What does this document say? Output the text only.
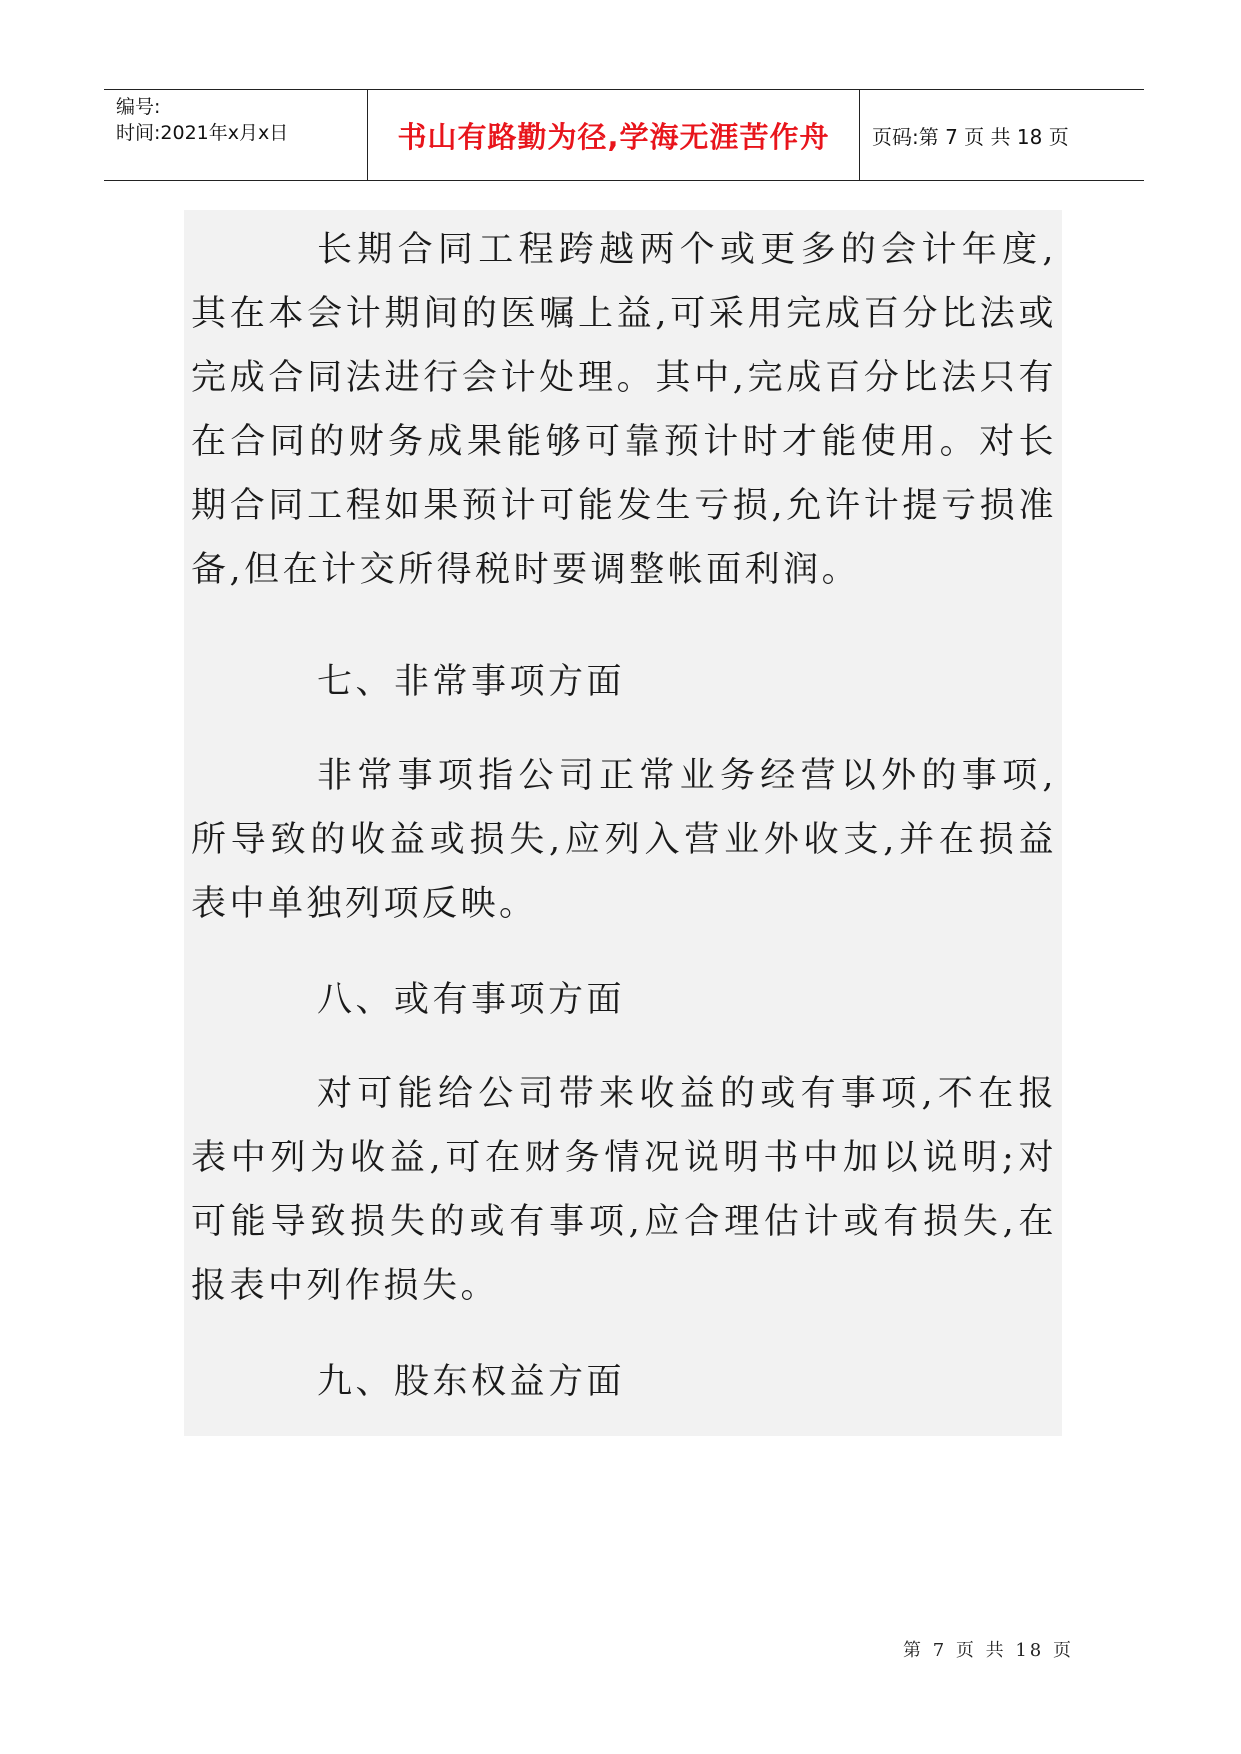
编号:
时间:2021年x月x日	书山有路勤为径,学海无涯苦作舟 页码:第 7 页 共 18 页

长期合同工程跨越两个或更多的会计年度,其在本会计期间的医嘱上益,可采用完成百分比法或完成合同法进行会计处理。其中,完成百分比法只有在合同的财务成果能够可靠预计时才能使用。对长期合同工程如果预计可能发生亏损,允许计提亏损准备,但在计交所得税时要调整帐面利润。

七、非常事项方面

非常事项指公司正常业务经营以外的事项,所导致的收益或损失,应列入营业外收支,并在损益表中单独列项反映。

八、或有事项方面

对可能给公司带来收益的或有事项,不在报表中列为收益,可在财务情况说明书中加以说明;对可能导致损失的或有事项,应合理估计或有损失,在报表中列作损失。

九、股东权益方面
第 7 页 共 18 页
